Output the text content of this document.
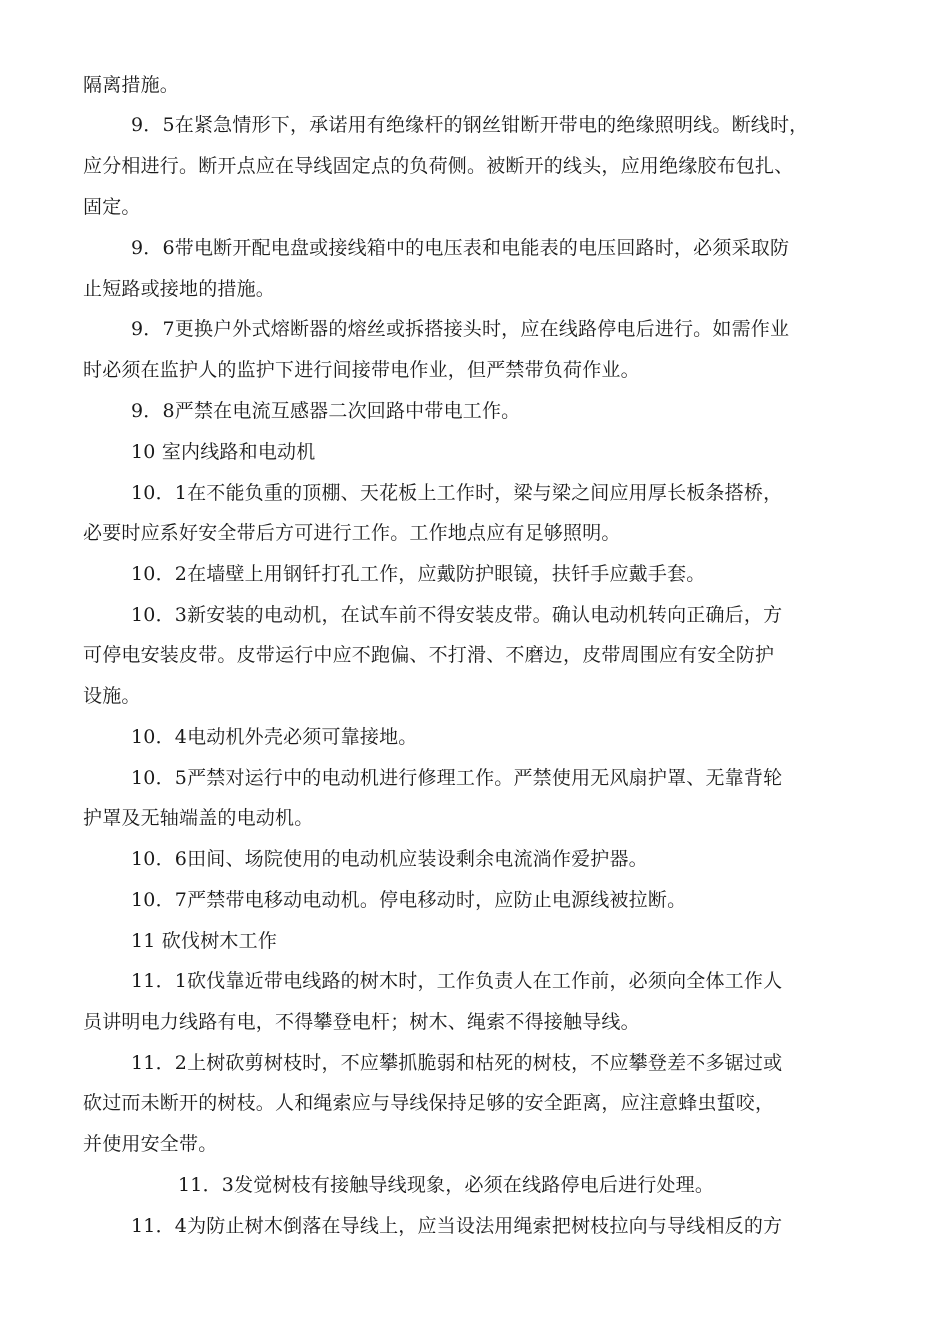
隔离措施。
9．5在紧急情形下，承诺用有绝缘杆的钢丝钳断开带电的绝缘照明线。断线时，
应分相进行。断开点应在导线固定点的负荷侧。被断开的线头，应用绝缘胶布包扎、
固定。
9．6带电断开配电盘或接线箱中的电压表和电能表的电压回路时，必须采取防
止短路或接地的措施。
9．7更换户外式熔断器的熔丝或拆搭接头时，应在线路停电后进行。如需作业
时必须在监护人的监护下进行间接带电作业，但严禁带负荷作业。
9．8严禁在电流互感器二次回路中带电工作。
10 室内线路和电动机
10．1在不能负重的顶棚、天花板上工作时，梁与梁之间应用厚长板条搭桥，
必要时应系好安全带后方可进行工作。工作地点应有足够照明。
10．2在墙壁上用钢钎打孔工作，应戴防护眼镜，扶钎手应戴手套。
10．3新安装的电动机，在试车前不得安装皮带。确认电动机转向正确后，方
可停电安装皮带。皮带运行中应不跑偏、不打滑、不磨边，皮带周围应有安全防护
设施。
10．4电动机外壳必须可靠接地。
10．5严禁对运行中的电动机进行修理工作。严禁使用无风扇护罩、无靠背轮
护罩及无轴端盖的电动机。
10．6田间、场院使用的电动机应装设剩余电流淌作爱护器。
10．7严禁带电移动电动机。停电移动时，应防止电源线被拉断。
11 砍伐树木工作
11．1砍伐靠近带电线路的树木时，工作负责人在工作前，必须向全体工作人
员讲明电力线路有电，不得攀登电杆；树木、绳索不得接触导线。
11．2上树砍剪树枝时，不应攀抓脆弱和枯死的树枝，不应攀登差不多锯过或
砍过而未断开的树枝。人和绳索应与导线保持足够的安全距离，应注意蜂虫蜇咬，
并使用安全带。
11．3发觉树枝有接触导线现象，必须在线路停电后进行处理。
11．4为防止树木倒落在导线上，应当设法用绳索把树枝拉向与导线相反的方
